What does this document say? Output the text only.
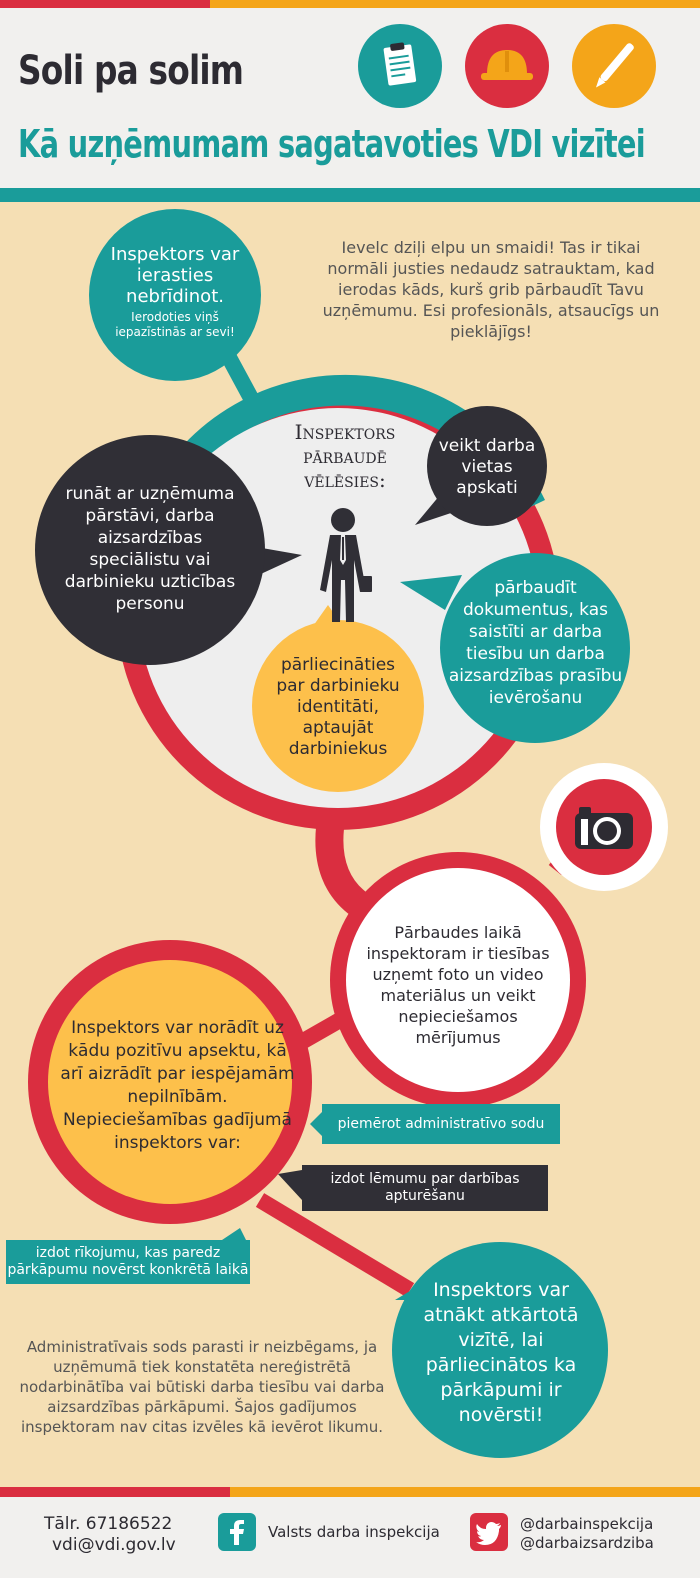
Soli pa solim
Kā uzņēmumam sagatavoties VDI vizītei
Inspektors var ierasties nebrīdinot.
Ierodoties viņš iepazīstinās ar sevi!
Ievelc dziļi elpu un smaidi! Tas ir tikai normāli justies nedaudz satrauktam, kad ierodas kāds, kurš grib pārbaudīt Tavu uzņēmumu. Esi profesionāls, atsaucīgs un pieklājīgs!
Inspektors pārbaudē vēlēsies:
runāt ar uzņēmuma pārstāvi, darba aizsardzības speciālistu vai darbinieku uzticības personu
veikt darba vietas apskati
pārbaudīt dokumentus, kas saistīti ar darba tiesību un darba aizsardzības prasību ievērošanu
pārliecināties par darbinieku identitāti, aptaujāt darbiniekus
Pārbaudes laikā inspektoram ir tiesības uzņemt foto un video materiālus un veikt nepieciešamos mērījumus
Inspektors var norādīt uz kādu pozitīvu apsektu, kā arī aizrādīt par iespējamām nepilnībām. Nepieciešamības gadījumā inspektors var:
piemērot administratīvo sodu
izdot lēmumu par darbības apturēšanu
izdot rīkojumu, kas paredz pārkāpumu novērst konkrētā laikā
Inspektors var atnākt atkārtotā vizītē, lai pārliecinātos ka pārkāpumi ir novērsti!
Administratīvais sods parasti ir neizbēgams, ja uzņēmumā tiek konstatēta nereģistrētā nodarbinātība vai būtiski darba tiesību vai darba aizsardzības pārkāpumi. Šajos gadījumos inspektoram nav citas izvēles kā ievērot likumu.
Tālr. 67186522
vdi@vdi.gov.lv
Valsts darba inspekcija	@darbainspekcija
@darbaizsardziba
